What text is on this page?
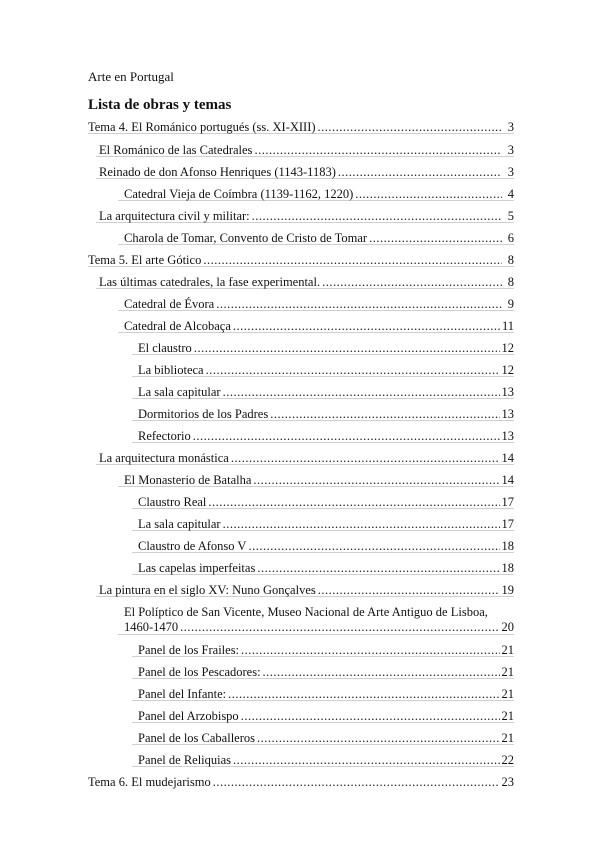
Arte en Portugal
Lista de obras y temas
Tema 4. El Románico portugués (ss. XI-XIII) .....	3
El Románico de las Catedrales .....	3
Reinado de don Afonso Henriques (1143-1183) .....	3
Catedral Vieja de Coímbra (1139-1162, 1220) .....	4
La arquitectura civil y militar: .....	5
Charola de Tomar, Convento de Cristo de Tomar .....	6
Tema 5. El arte Gótico .....	8
Las últimas catedrales, la fase experimental. .....	8
Catedral de Évora .....	9
Catedral de Alcobaça .....	11
El claustro .....	12
La biblioteca .....	12
La sala capitular .....	13
Dormitorios de los Padres .....	13
Refectorio .....	13
La arquitectura monástica .....	14
El Monasterio de Batalha .....	14
Claustro Real .....	17
La sala capitular .....	17
Claustro de Afonso V .....	18
Las capelas imperfeitas .....	18
La pintura en el siglo XV: Nuno Gonçalves .....	19
El Políptico de San Vicente, Museo Nacional de Arte Antiguo de Lisboa,
1460-1470 .....	20
Panel de los Frailes: .....	21
Panel de los Pescadores: .....	21
Panel del Infante: .....	21
Panel del Arzobispo .....	21
Panel de los Caballeros .....	21
Panel de Reliquias .....	22
Tema 6. El mudejarismo .....	23
